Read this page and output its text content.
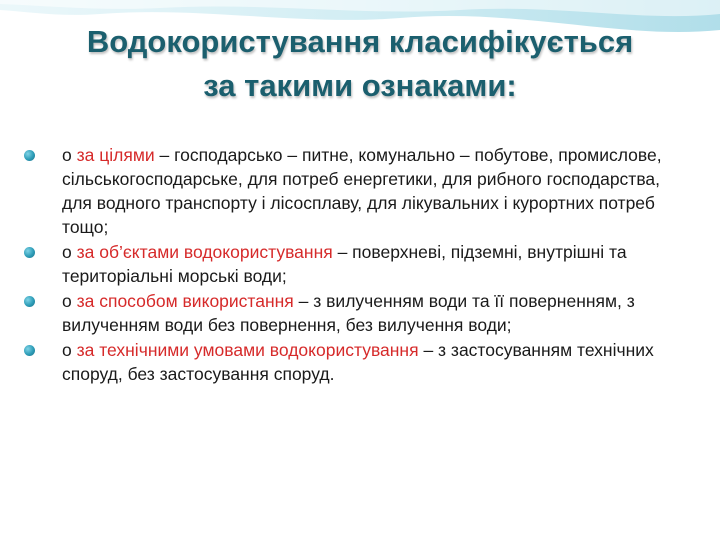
Водокористування класифікується
за такими ознаками:
о за цілями – господарсько – питне, комунально – побутове, промислове, сільськогосподарське, для потреб енергетики, для рибного господарства, для водного транспорту і лісосплаву, для лікувальних і курортних потреб тощо;
о за об’єктами водокористування – поверхневі, підземні, внутрішні та територіальні морські води;
о за способом використання – з вилученням води та її поверненням, з вилученням води без повернення, без вилучення води;
о за технічними умовами водокористування – з застосуванням технічних споруд, без застосування споруд.
